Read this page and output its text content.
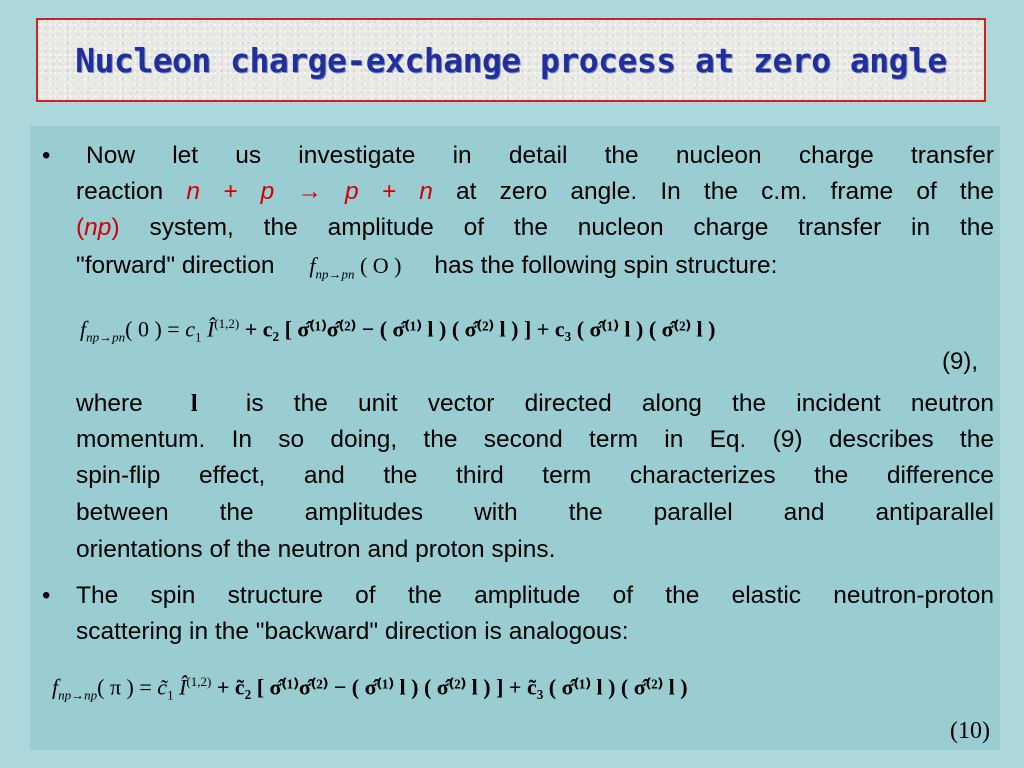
Nucleon charge-exchange process at zero angle
• Now let us investigate in detail the nucleon charge transfer
reaction n + p → p + n at zero angle. In the c.m. frame of the
(np) system, the amplitude of the nucleon charge transfer in the
"forward" direction $f_{np\to pn}$ ( O ) has the following spin structure:
$f_{np\to pn}$( 0 ) = $c_1$ Î$^{(1,2)}$ + c₂ [ σ̂⁽¹⁾σ̂⁽²⁾ − ( σ̂⁽¹⁾ l ) ( σ̂⁽²⁾ l ) ] + c₃ ( σ̂⁽¹⁾ l ) ( σ̂⁽²⁾ l )
(9),
where l is the unit vector directed along the incident neutron
momentum. In so doing, the second term in Eq. (9) describes the
spin-flip effect, and the third term characterizes the difference
between the amplitudes with the parallel and antiparallel
orientations of the neutron and proton spins.
• The spin structure of the amplitude of the elastic neutron-proton
scattering in the "backward" direction is analogous:
$f_{np\to np}$( π ) = $c̃_1$ Î$^{(1,2)}$ + c̃₂ [ σ̂⁽¹⁾σ̂⁽²⁾ − ( σ̂⁽¹⁾ l ) ( σ̂⁽²⁾ l ) ] + c̃₃ ( σ̂⁽¹⁾ l ) ( σ̂⁽²⁾ l )
(10)
